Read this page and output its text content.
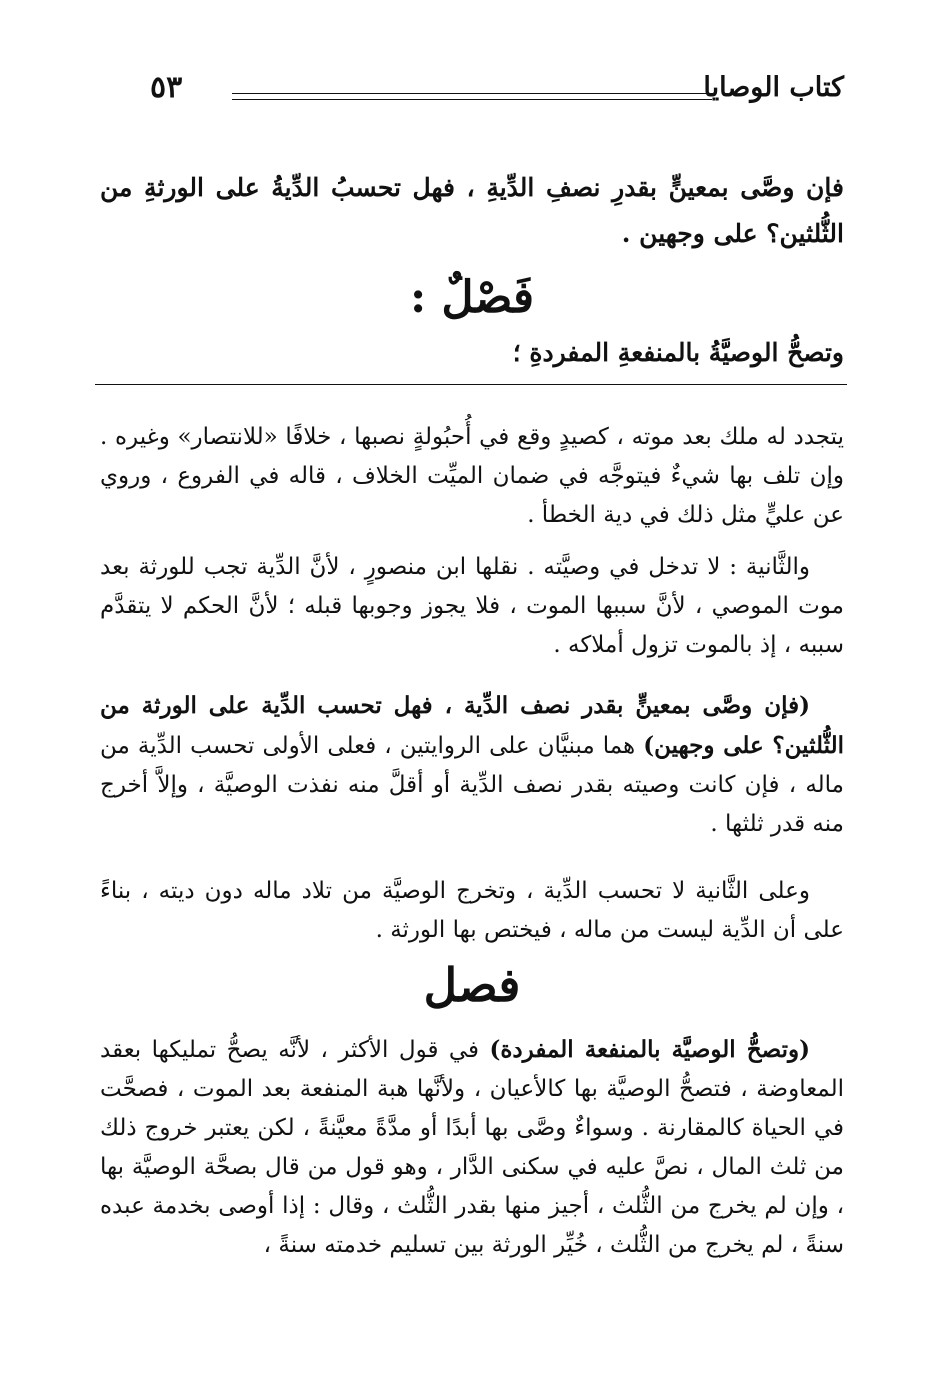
كتاب الوصايا
٥٣
فإن وصَّى بمعينٍّ بقدرِ نصفِ الدِّيةِ ، فهل تحسبُ الدِّيةُ على الورثةِ من الثُّلثين؟ على وجهين .
فَصْلٌ :
وتصحُّ الوصيَّةُ بالمنفعةِ المفردةِ ؛
يتجدد له ملك بعد موته ، كصيدٍ وقع في أُحبُولةٍ نصبها ، خلافًا «للانتصار» وغيره . وإن تلف بها شيءٌ فيتوجَّه في ضمان الميِّت الخلاف ، قاله في الفروع ، وروي عن عليٍّ مثل ذلك في دية الخطأ .
والثَّانية : لا تدخل في وصيَّته . نقلها ابن منصورٍ ، لأنَّ الدِّية تجب للورثة بعد موت الموصي ، لأنَّ سببها الموت ، فلا يجوز وجوبها قبله ؛ لأنَّ الحكم لا يتقدَّم سببه ، إذ بالموت تزول أملاكه .
(فإن وصَّى بمعينٍّ بقدر نصف الدِّية ، فهل تحسب الدِّية على الورثة من الثُّلثين؟ على وجهين) هما مبنيَّان على الروايتين ، فعلى الأولى تحسب الدِّية من ماله ، فإن كانت وصيته بقدر نصف الدِّية أو أقلَّ منه نفذت الوصيَّة ، وإلاَّ أخرج منه قدر ثلثها .
وعلى الثَّانية لا تحسب الدِّية ، وتخرج الوصيَّة من تلاد ماله دون ديته ، بناءً على أن الدِّية ليست من ماله ، فيختص بها الورثة .
فصل
(وتصحُّ الوصيَّة بالمنفعة المفردة) في قول الأكثر ، لأنَّه يصحُّ تمليكها بعقد المعاوضة ، فتصحُّ الوصيَّة بها كالأعيان ، ولأنَّها هبة المنفعة بعد الموت ، فصحَّت في الحياة كالمقارنة . وسواءٌ وصَّى بها أبدًا أو مدَّةً معيَّنةً ، لكن يعتبر خروج ذلك من ثلث المال ، نصَّ عليه في سكنى الدَّار ، وهو قول من قال بصحَّة الوصيَّة بها ، وإن لم يخرج من الثُّلث ، أجيز منها بقدر الثُّلث ، وقال : إذا أوصى بخدمة عبده سنةً ، لم يخرج من الثُّلث ، خُيِّر الورثة بين تسليم خدمته سنةً ،
